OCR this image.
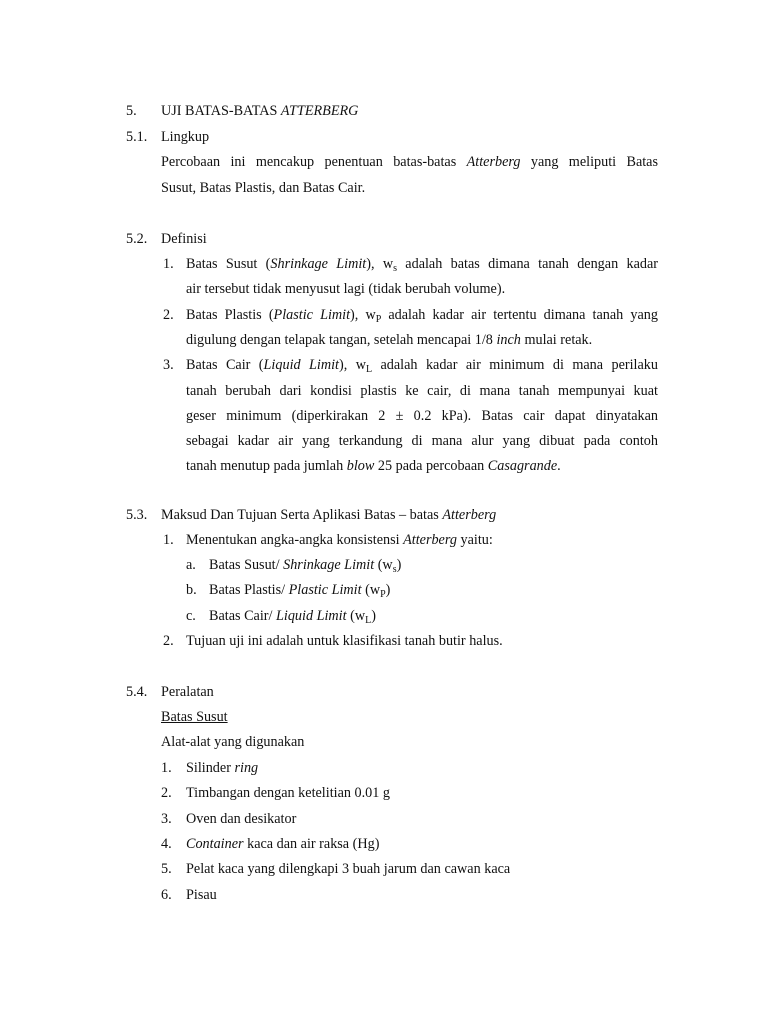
5. UJI BATAS-BATAS ATTERBERG
5.1. Lingkup
Percobaan ini mencakup penentuan batas-batas Atterberg yang meliputi Batas
Susut, Batas Plastis, dan Batas Cair.
5.2. Definisi
1. Batas Susut (Shrinkage Limit), $w_s$ adalah batas dimana tanah dengan kadar
air tersebut tidak menyusut lagi (tidak berubah volume).
2. Batas Plastis (Plastic Limit), $w_P$ adalah kadar air tertentu dimana tanah yang
digulung dengan telapak tangan, setelah mencapai 1/8 inch mulai retak.
3. Batas Cair (Liquid Limit), $w_L$ adalah kadar air minimum di mana perilaku
tanah berubah dari kondisi plastis ke cair, di mana tanah mempunyai kuat
geser minimum (diperkirakan 2 ± 0.2 kPa). Batas cair dapat dinyatakan
sebagai kadar air yang terkandung di mana alur yang dibuat pada contoh
tanah menutup pada jumlah blow 25 pada percobaan Casagrande.
5.3. Maksud Dan Tujuan Serta Aplikasi Batas – batas Atterberg
1. Menentukan angka-angka konsistensi Atterberg yaitu:
a. Batas Susut/ Shrinkage Limit $(w_s)$
b. Batas Plastis/ Plastic Limit $(w_P)$
c. Batas Cair/ Liquid Limit $(w_L)$
2. Tujuan uji ini adalah untuk klasifikasi tanah butir halus.
5.4. Peralatan
Batas Susut
Alat-alat yang digunakan
1. Silinder ring
2. Timbangan dengan ketelitian 0.01 g
3. Oven dan desikator
4. Container kaca dan air raksa (Hg)
5. Pelat kaca yang dilengkapi 3 buah jarum dan cawan kaca
6. Pisau
